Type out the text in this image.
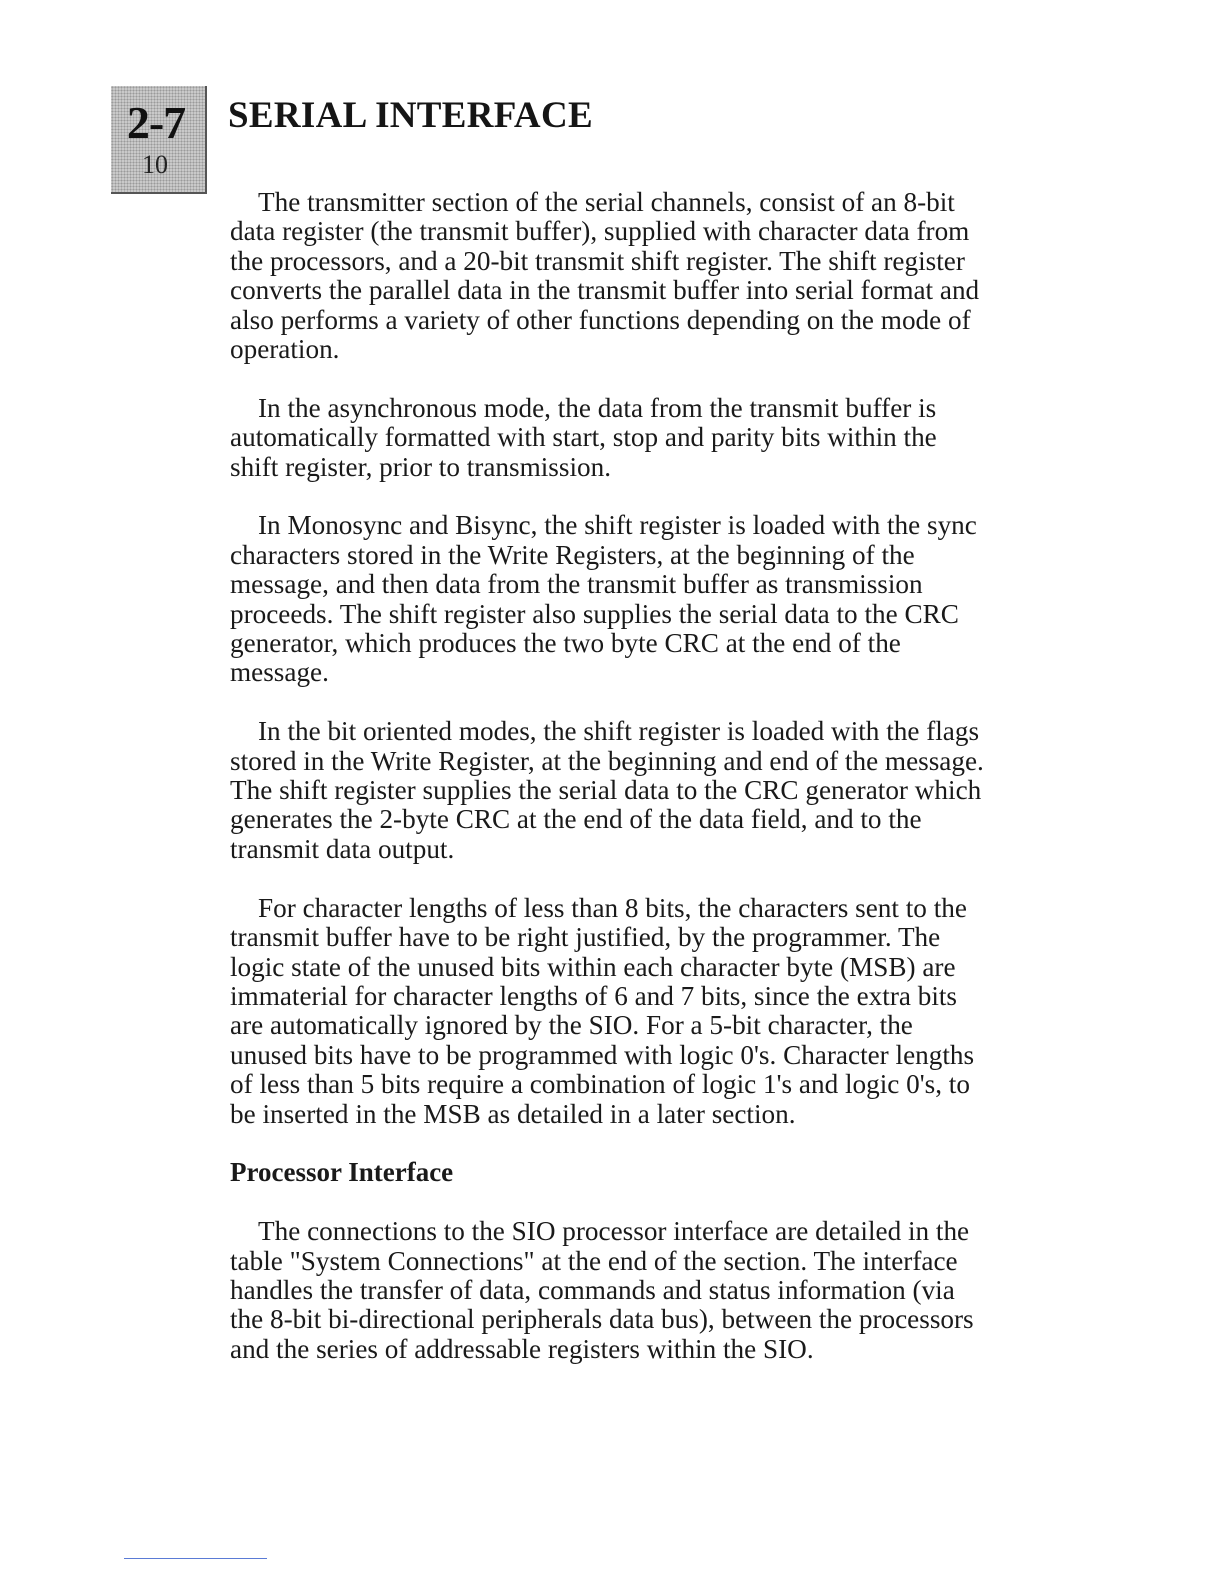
2-7
10
SERIAL INTERFACE

The transmitter section of the serial channels, consist of an 8-bit data register (the transmit buffer), supplied with character data from the processors, and a 20-bit transmit shift register. The shift register converts the parallel data in the transmit buffer into serial format and also performs a variety of other functions depending on the mode of operation.

In the asynchronous mode, the data from the transmit buffer is automatically formatted with start, stop and parity bits within the shift register, prior to transmission.

In Monosync and Bisync, the shift register is loaded with the sync characters stored in the Write Registers, at the beginning of the message, and then data from the transmit buffer as transmission proceeds. The shift register also supplies the serial data to the CRC generator, which produces the two byte CRC at the end of the message.

In the bit oriented modes, the shift register is loaded with the flags stored in the Write Register, at the beginning and end of the message. The shift register supplies the serial data to the CRC generator which generates the 2-byte CRC at the end of the data field, and to the transmit data output.

For character lengths of less than 8 bits, the characters sent to the transmit buffer have to be right justified, by the programmer. The logic state of the unused bits within each character byte (MSB) are immaterial for character lengths of 6 and 7 bits, since the extra bits are automatically ignored by the SIO. For a 5-bit character, the unused bits have to be programmed with logic 0's. Character lengths of less than 5 bits require a combination of logic 1's and logic 0's, to be inserted in the MSB as detailed in a later section.

Processor Interface

The connections to the SIO processor interface are detailed in the table "System Connections" at the end of the section. The interface handles the transfer of data, commands and status information (via the 8-bit bi-directional peripherals data bus), between the processors and the series of addressable registers within the SIO.
